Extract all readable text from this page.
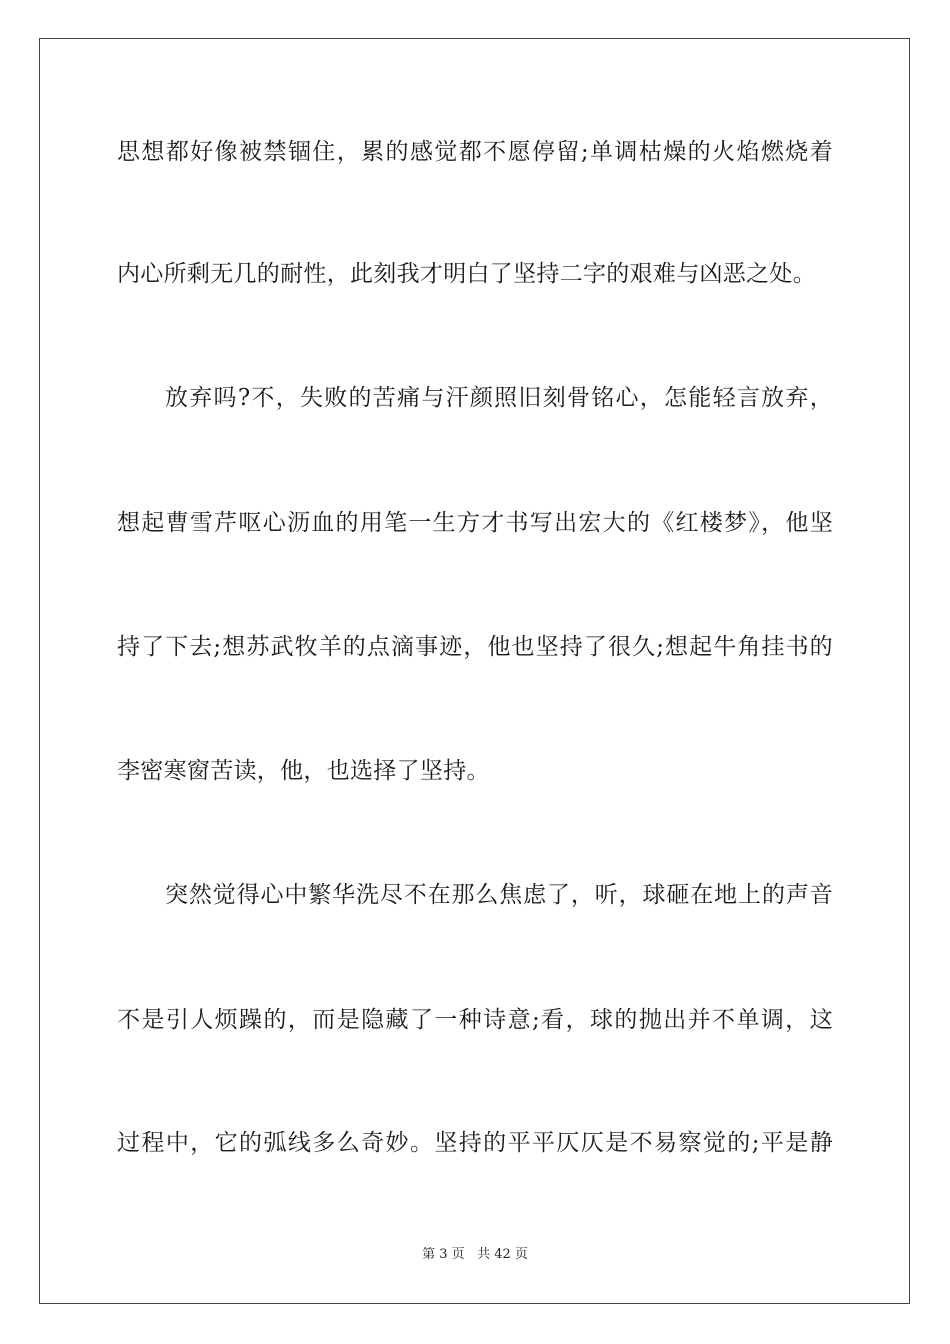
思想都好像被禁锢住，累的感觉都不愿停留;单调枯燥的火焰燃烧着
内心所剩无几的耐性，此刻我才明白了坚持二字的艰难与凶恶之处。
放弃吗?不，失败的苦痛与汗颜照旧刻骨铭心，怎能轻言放弃，
想起曹雪芹呕心沥血的用笔一生方才书写出宏大的《红楼梦》，他坚
持了下去;想苏武牧羊的点滴事迹，他也坚持了很久;想起牛角挂书的
李密寒窗苦读，他，也选择了坚持。
突然觉得心中繁华洗尽不在那么焦虑了，听，球砸在地上的声音
不是引人烦躁的，而是隐藏了一种诗意;看，球的抛出并不单调，这
过程中，它的弧线多么奇妙。坚持的平平仄仄是不易察觉的;平是静
第 3 页 共 42 页
